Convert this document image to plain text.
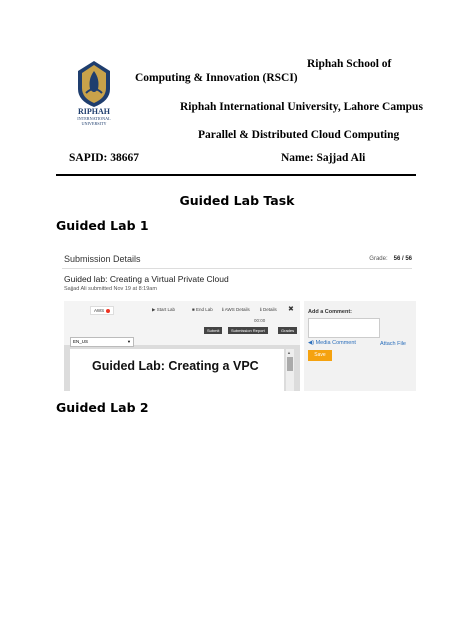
RIPHAH
INTERNATIONAL
UNIVERSITY
Riphah School of
Computing & Innovation (RSCI)
Riphah International University, Lahore Campus
Parallel & Distributed Cloud Computing
SAPID: 38667	Name: Sajjad Ali
Guided Lab Task
Guided Lab 1
Submission Details	Grade: 56 / 56
Guided lab: Creating a Virtual Private Cloud
Sajjad Ali submitted Nov 19 at 8:19am
AWS	▶ Start Lab	■ End Lab ℹ AWS Details ℹ Details ✖
00:00
Submit	Submission Report	Grades
EN_US	▼
Guided Lab: Creating a VPC
▲
Add a Comment:
◀) Media Comment	Attach File
Save
Guided Lab 2
